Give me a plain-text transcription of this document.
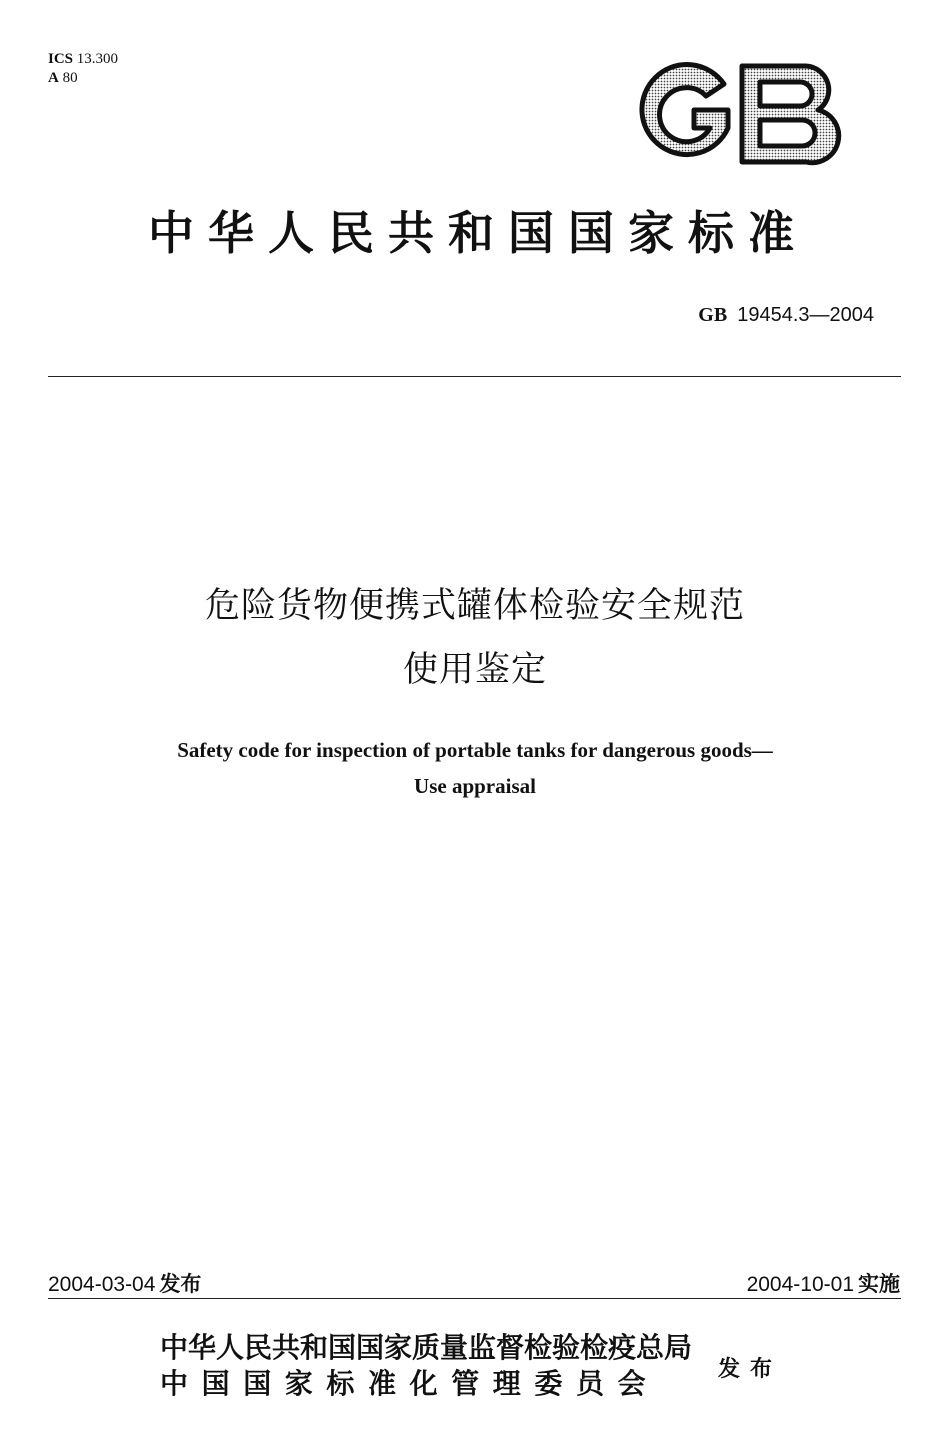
ICS 13.300
A 80
中华人民共和国国家标准
GB 19454.3—2004
危险货物便携式罐体检验安全规范
使用鉴定
Safety code for inspection of portable tanks for dangerous goods—
Use appraisal
2004-03-04 发布	2004-10-01 实施
中华人民共和国国家质量监督检验检疫总局
中国国家标准化管理委员会	发布
